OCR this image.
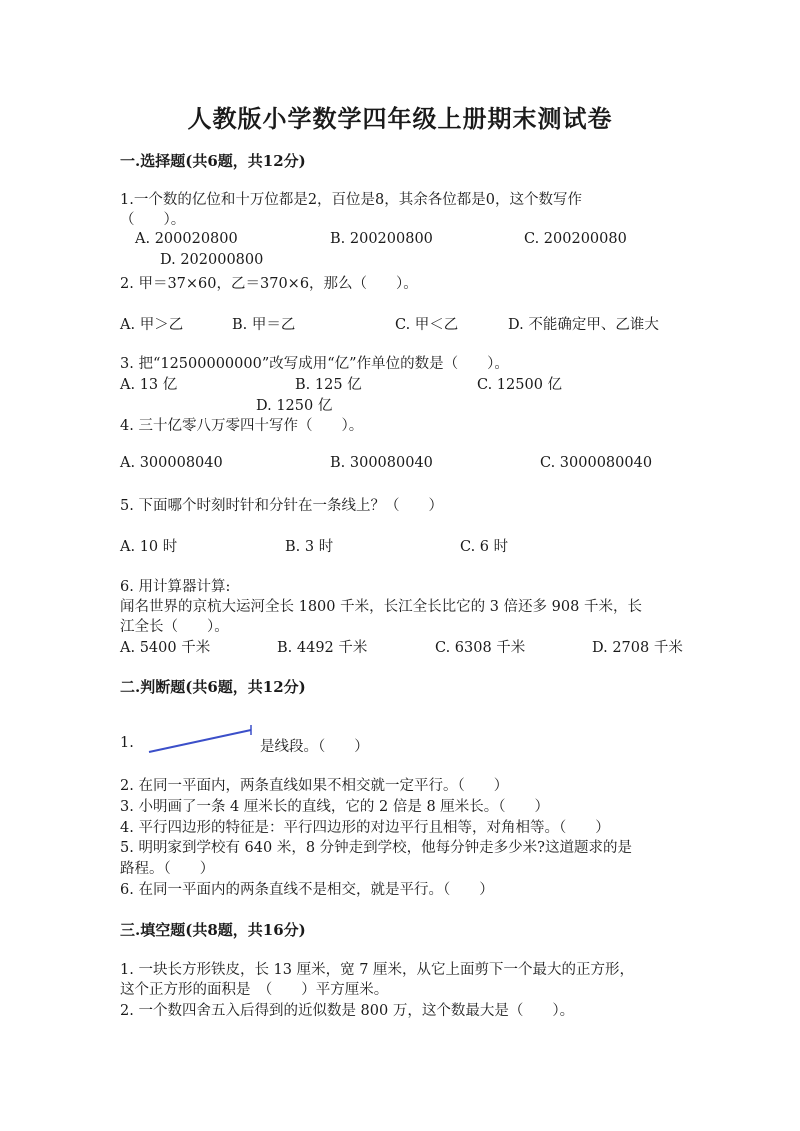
人教版小学数学四年级上册期末测试卷
一.选择题(共6题，共12分)
1.一个数的亿位和十万位都是2，百位是8，其余各位都是0，这个数写作
（　　）。
A. 200020800	B. 200200800	C. 200200080
D. 202000800
2. 甲＝37×60，乙＝370×6，那么（　　）。
A. 甲＞乙	B. 甲＝乙	C. 甲＜乙	D. 不能确定甲、乙谁大
3. 把“12500000000”改写成用“亿”作单位的数是（　　）。
A. 13 亿	B. 125 亿	C. 12500 亿
D. 1250 亿
4. 三十亿零八万零四十写作（　　）。
A. 300008040	B. 300080040	C. 3000080040
5. 下面哪个时刻时针和分针在一条线上？（　　）
A. 10 时	B. 3 时	C. 6 时
6. 用计算器计算:
闻名世界的京杭大运河全长 1800 千米，长江全长比它的 3 倍还多 908 千米，长
江全长（　　）。
A. 5400 千米	B. 4492 千米	C. 6308 千米	D. 2708 千米
二.判断题(共6题，共12分)
1.	是线段。（　　）
2. 在同一平面内，两条直线如果不相交就一定平行。（　　）
3. 小明画了一条 4 厘米长的直线，它的 2 倍是 8 厘米长。（　　）
4. 平行四边形的特征是：平行四边形的对边平行且相等，对角相等。（　　）
5. 明明家到学校有 640 米，8 分钟走到学校，他每分钟走多少米?这道题求的是
路程。（　　）
6. 在同一平面内的两条直线不是相交，就是平行。（　　）
三.填空题(共8题，共16分)
1. 一块长方形铁皮，长 13 厘米，宽 7 厘米，从它上面剪下一个最大的正方形，
这个正方形的面积是　（　　）平方厘米。
2. 一个数四舍五入后得到的近似数是 800 万，这个数最大是（　　）。
